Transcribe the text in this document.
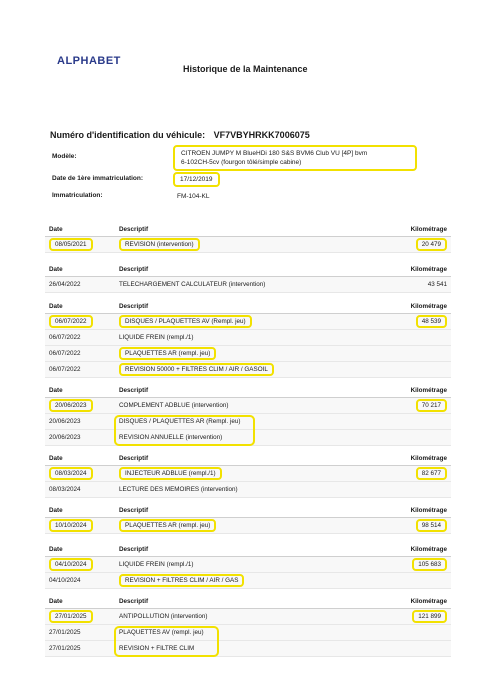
ALPHABET
Historique de la Maintenance
Numéro d'identification du véhicule: VF7VBYHRKK7006075
Modèle:	CITROEN JUMPY M BlueHDi 180 S&S BVM6 Club VU [4P] bvm
6-102CH-5cv (fourgon tôlé/simple cabine)
Date de 1ère immatriculation:	17/12/2019
Immatriculation:	FM-104-KL
Date	Descriptif	Kilométrage
08/05/2021	REVISION (intervention)	20 479
Date	Descriptif	Kilométrage
26/04/2022	TELECHARGEMENT CALCULATEUR (intervention)	43 541
Date	Descriptif	Kilométrage
06/07/2022	DISQUES / PLAQUETTES AV (Rempl. jeu)	48 539
06/07/2022	LIQUIDE FREIN (rempl./1)	
06/07/2022	PLAQUETTES AR (rempl. jeu)	
06/07/2022	REVISION 50000 + FILTRES CLIM / AIR / GASOIL	
Date	Descriptif	Kilométrage
20/06/2023	COMPLEMENT ADBLUE (intervention)	70 217
20/06/2023	DISQUES / PLAQUETTES AR (Rempl. jeu)	
20/06/2023	REVISION ANNUELLE (intervention)	
Date	Descriptif	Kilométrage
08/03/2024	INJECTEUR ADBLUE (rempl./1)	82 677
08/03/2024	LECTURE DES MEMOIRES (intervention)	
Date	Descriptif	Kilométrage
10/10/2024	PLAQUETTES AR (rempl. jeu)	98 514
Date	Descriptif	Kilométrage
04/10/2024	LIQUIDE FREIN (rempl./1)	105 683
04/10/2024	REVISION + FILTRES CLIM / AIR / GAS	
Date	Descriptif	Kilométrage
27/01/2025	ANTIPOLLUTION (intervention)	121 899
27/01/2025	PLAQUETTES AV (rempl. jeu)	
27/01/2025	REVISION + FILTRE CLIM	
